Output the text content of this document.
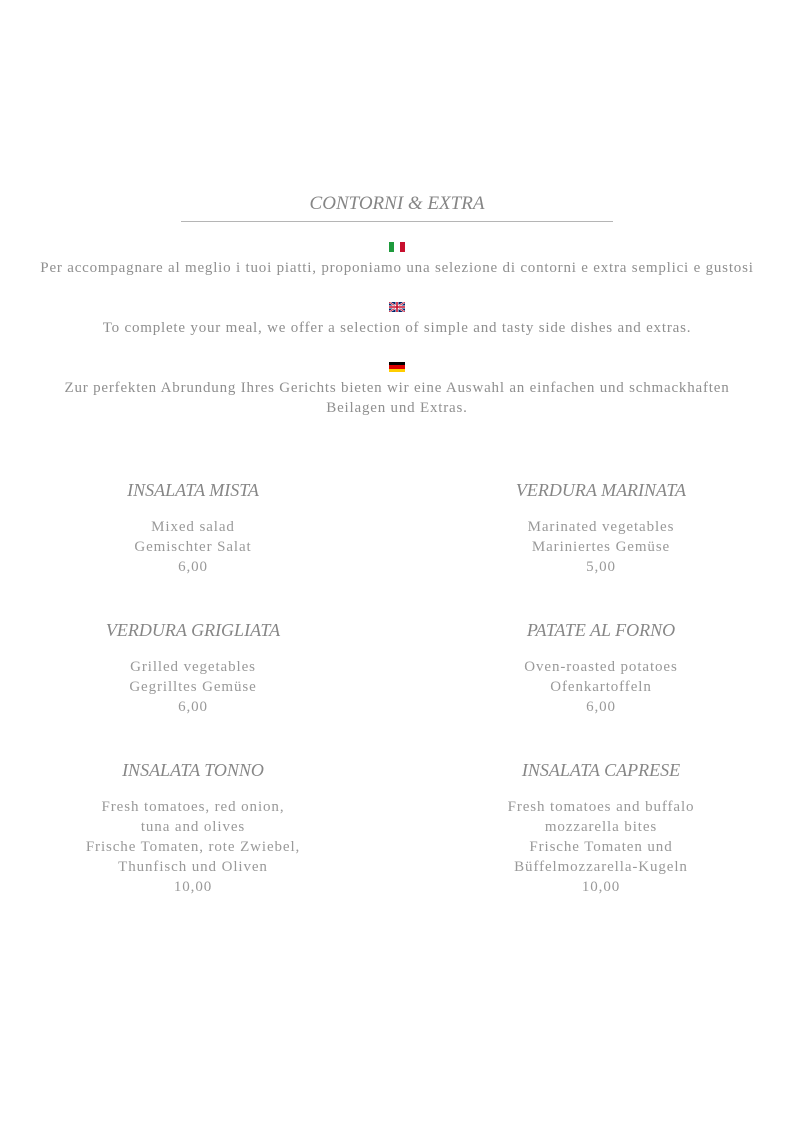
CONTORNI & EXTRA
Per accompagnare al meglio i tuoi piatti, proponiamo una selezione di contorni e extra semplici e gustosi
To complete your meal, we offer a selection of simple and tasty side dishes and extras.
Zur perfekten Abrundung Ihres Gerichts bieten wir eine Auswahl an einfachen und schmackhaften
Beilagen und Extras.
INSALATA MISTA
Mixed salad
Gemischter Salat
6,00
VERDURA MARINATA
Marinated vegetables
Mariniertes Gemüse
5,00
VERDURA GRIGLIATA
Grilled vegetables
Gegrilltes Gemüse
6,00
PATATE AL FORNO
Oven-roasted potatoes
Ofenkartoffeln
6,00
INSALATA TONNO
Fresh tomatoes, red onion,
tuna and olives
Frische Tomaten, rote Zwiebel,
Thunfisch und Oliven
10,00
INSALATA CAPRESE
Fresh tomatoes and buffalo
mozzarella bites
Frische Tomaten und
Büffelmozzarella-Kugeln
10,00
